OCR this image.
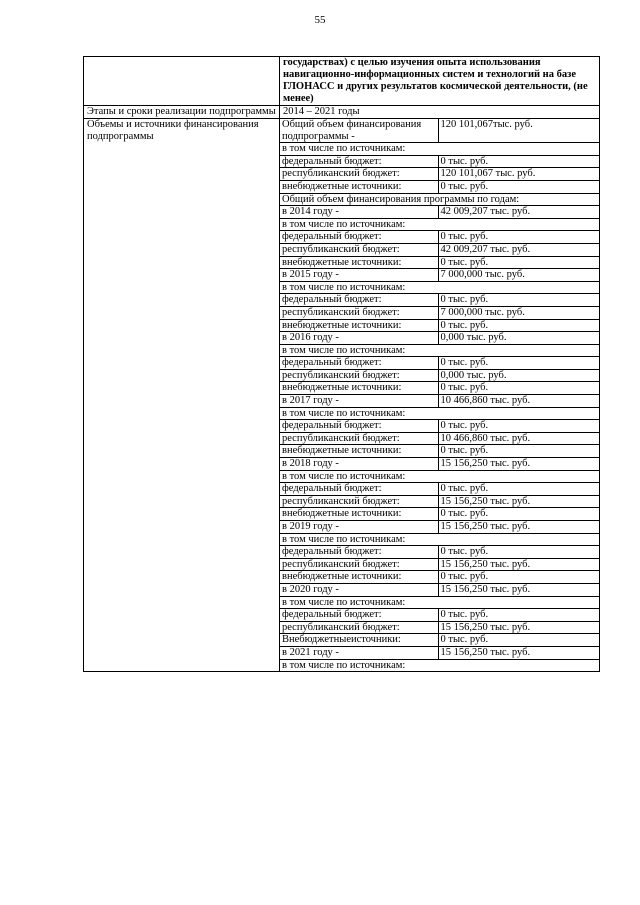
55
	государствах) с целью изучения опыта использования навигационно-информационных систем и технологий на базе ГЛОНАСС и других результатов космической деятельности, (не менее)
Этапы и сроки реализации подпрограммы	2014 – 2021 годы
Объемы и источники финансирования подпрограммы	
Общий объем финансирования подпрограммы -	120 101,067тыс. руб.
в том числе по источникам:
федеральный бюджет:	0 тыс. руб.
республиканский бюджет:	120 101,067 тыс. руб.
внебюджетные источники:	0 тыс. руб.
Общий объем финансирования программы по годам:
в 2014 году -	42 009,207 тыс. руб.
в том числе по источникам:
федеральный бюджет:	0 тыс. руб.
республиканский бюджет:	42 009,207 тыс. руб.
внебюджетные источники:	0 тыс. руб.
в 2015 году -	7 000,000 тыс. руб.
в том числе по источникам:
федеральный бюджет:	0 тыс. руб.
республиканский бюджет:	7 000,000 тыс. руб.
внебюджетные источники:	0 тыс. руб.
в 2016 году -	0,000 тыс. руб.
в том числе по источникам:
федеральный бюджет:	0 тыс. руб.
республиканский бюджет:	0,000 тыс. руб.
внебюджетные источники:	0 тыс. руб.
в 2017 году -	10 466,860 тыс. руб.
в том числе по источникам:
федеральный бюджет:	0 тыс. руб.
республиканский бюджет:	10 466,860 тыс. руб.
внебюджетные источники:	0 тыс. руб.
в 2018 году -	15 156,250 тыс. руб.
в том числе по источникам:
федеральный бюджет:	0 тыс. руб.
республиканский бюджет:	15 156,250 тыс. руб.
внебюджетные источники:	0 тыс. руб.
в 2019 году -	15 156,250 тыс. руб.
в том числе по источникам:
федеральный бюджет:	0 тыс. руб.
республиканский бюджет:	15 156,250 тыс. руб.
внебюджетные источники:	0 тыс. руб.
в 2020 году -	15 156,250 тыс. руб.
в том числе по источникам:
федеральный бюджет:	0 тыс. руб.
республиканский бюджет:	15 156,250 тыс. руб.
Внебюджетныеисточники:	0 тыс. руб.
в 2021 году -	15 156,250 тыс. руб.
в том числе по источникам:
